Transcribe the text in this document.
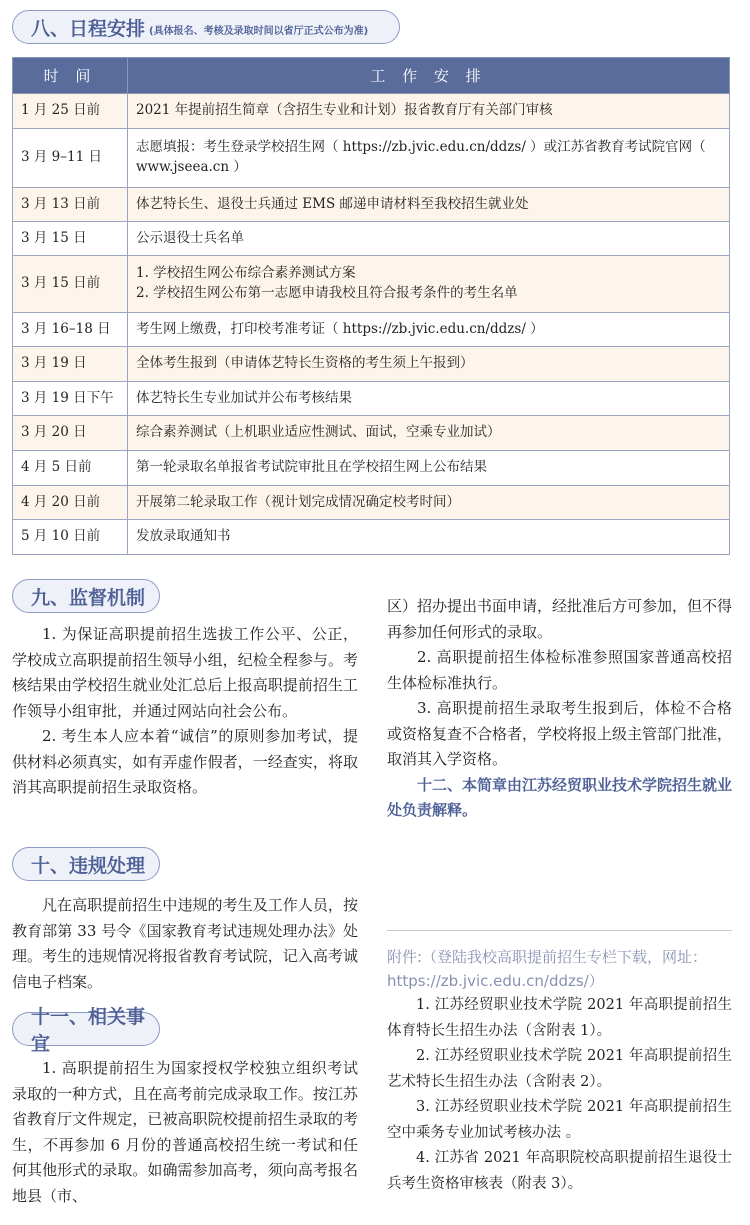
八、日程安排 (具体报名、考核及录取时间以省厅正式公布为准)
时 间	工 作 安 排
1 月 25 日前	2021 年提前招生简章（含招生专业和计划）报省教育厅有关部门审核

3 月 9–11 日	志愿填报：考生登录学校招生网（ https://zb.jvic.edu.cn/ddzs/ ）或江苏省教育考试院官网（ www.jseea.cn ）

3 月 13 日前	体艺特长生、退役士兵通过 EMS 邮递申请材料至我校招生就业处

3 月 15 日	公示退役士兵名单

3 月 15 日前	1. 学校招生网公布综合素养测试方案
2. 学校招生网公布第一志愿申请我校且符合报考条件的考生名单

3 月 16–18 日	考生网上缴费，打印校考准考证（ https://zb.jvic.edu.cn/ddzs/ ）

3 月 19 日	全体考生报到（申请体艺特长生资格的考生须上午报到）

3 月 19 日下午	体艺特长生专业加试并公布考核结果

3 月 20 日	综合素养测试（上机职业适应性测试、面试，空乘专业加试）

4 月 5 日前	第一轮录取名单报省考试院审批且在学校招生网上公布结果

4 月 20 日前	开展第二轮录取工作（视计划完成情况确定校考时间）

5 月 10 日前	发放录取通知书
九、监督机制

1. 为保证高职提前招生选拔工作公平、公正，学校成立高职提前招生领导小组，纪检全程参与。考核结果由学校招生就业处汇总后上报高职提前招生工作领导小组审批，并通过网站向社会公布。

2. 考生本人应本着“诚信”的原则参加考试，提供材料必须真实，如有弄虚作假者，一经查实，将取消其高职提前招生录取资格。

十、违规处理

凡在高职提前招生中违规的考生及工作人员，按教育部第 33 号令《国家教育考试违规处理办法》处理。考生的违规情况将报省教育考试院，记入高考诚信电子档案。

十一、相关事宜

1. 高职提前招生为国家授权学校独立组织考试录取的一种方式，且在高考前完成录取工作。按江苏省教育厅文件规定，已被高职院校提前招生录取的考生，不再参加 6 月份的普通高校招生统一考试和任何其他形式的录取。如确需参加高考，须向高考报名地县（市、

区）招办提出书面申请，经批准后方可参加，但不得再参加任何形式的录取。

2. 高职提前招生体检标准参照国家普通高校招生体检标准执行。

3. 高职提前招生录取考生报到后，体检不合格或资格复查不合格者，学校将报上级主管部门批准，取消其入学资格。

十二、本简章由江苏经贸职业技术学院招生就业处负责解释。

附件:（登陆我校高职提前招生专栏下载，网址：https://zb.jvic.edu.cn/ddzs/）

1. 江苏经贸职业技术学院 2021 年高职提前招生体育特长生招生办法（含附表 1）。

2. 江苏经贸职业技术学院 2021 年高职提前招生艺术特长生招生办法（含附表 2）。

3. 江苏经贸职业技术学院 2021 年高职提前招生空中乘务专业加试考核办法 。

4. 江苏省 2021 年高职院校高职提前招生退役士兵考生资格审核表（附表 3）。
